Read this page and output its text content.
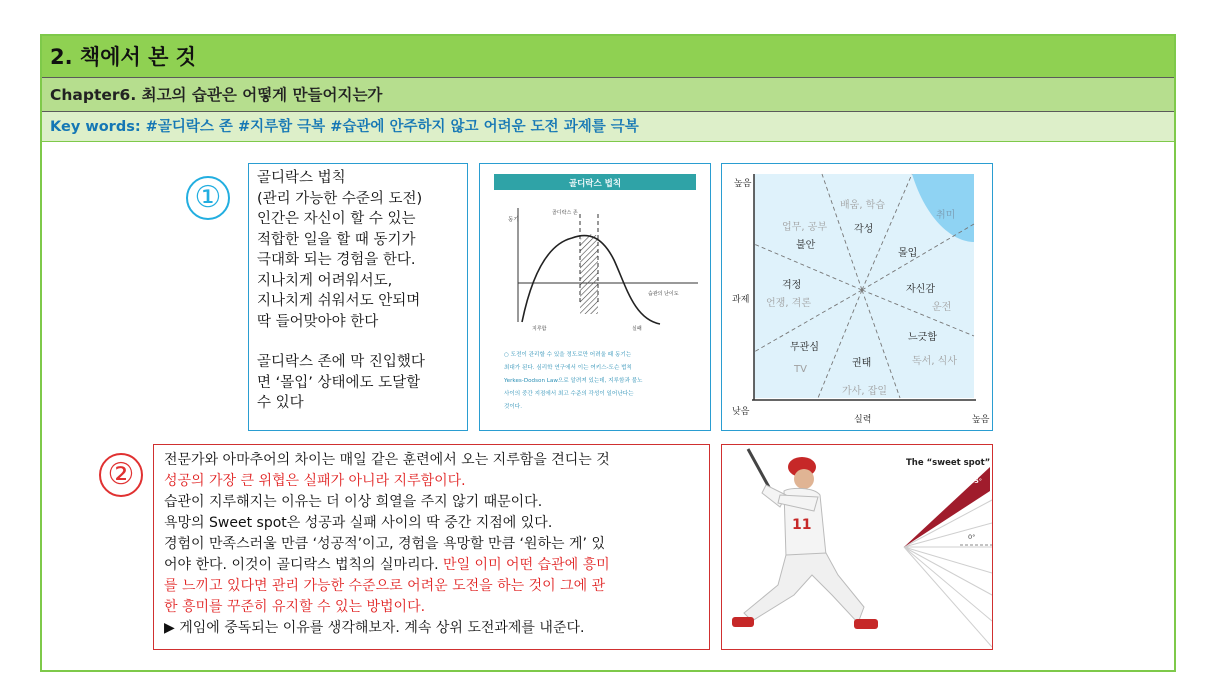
2. 책에서 본 것
Chapter6. 최고의 습관은 어떻게 만들어지는가
Key words: #골디락스 존 #지루함 극복 #습관에 안주하지 않고 어려운 도전 과제를 극복
①

골디락스 법칙

(관리 가능한 수준의 도전)

인간은 자신이 할 수 있는

적합한 일을 할 때 동기가

극대화 되는 경험을 한다.

지나치게 어려워서도,

지나치게 쉬워서도 안되며

딱 들어맞아야 한다

골디락스 존에 막 진입했다

면 ‘몰입’ 상태에도 도달할

수 있다

골디락스 법칙
동기
습관의 난이도
골디락스 존
지루함	실패
○ 도전이 관리할 수 있을 정도로만 어려울 때 동기는
최대가 된다. 심리학 연구에서 이는 여키스-도슨 법칙
Yerkes-Dodson Law으로 알려져 있는데, 지루함과 불노
사이의 중간 지점에서 최고 수준의 각성이 일어난다는
것이다.
높음
과제
낮음
실력	높음
각성
몰입
자신감
느긋함
권태
무관심
걱정
불안
배움, 학습
취미
업무, 공부
운전
독서, 식사
가사, 잡일
TV
언쟁, 격론
②	전문가와 아마추어의 차이는 매일 같은 훈련에서 오는 지루함을 견디는 것

성공의 가장 큰 위협은 실패가 아니라 지루함이다.

습관이 지루해지는 이유는 더 이상 희열을 주지 않기 때문이다.

욕망의 Sweet spot은 성공과 실패 사이의 딱 중간 지점에 있다.

경험이 만족스러울 만큼 ‘성공적’이고, 경험을 욕망할 만큼 ‘원하는 게’ 있

어야 한다. 이것이 골디락스 법칙의 실마리다. 만일 이미 어떤 습관에 흥미

를 느끼고 있다면 관리 가능한 수준으로 어려운 도전을 하는 것이 그에 관

한 흥미를 꾸준히 유지할 수 있는 방법이다.

▶ 게임에 중독되는 이유를 생각해보자. 계속 상위 도전과제를 내준다.

The “sweet spot”
25-35°
0°
11
